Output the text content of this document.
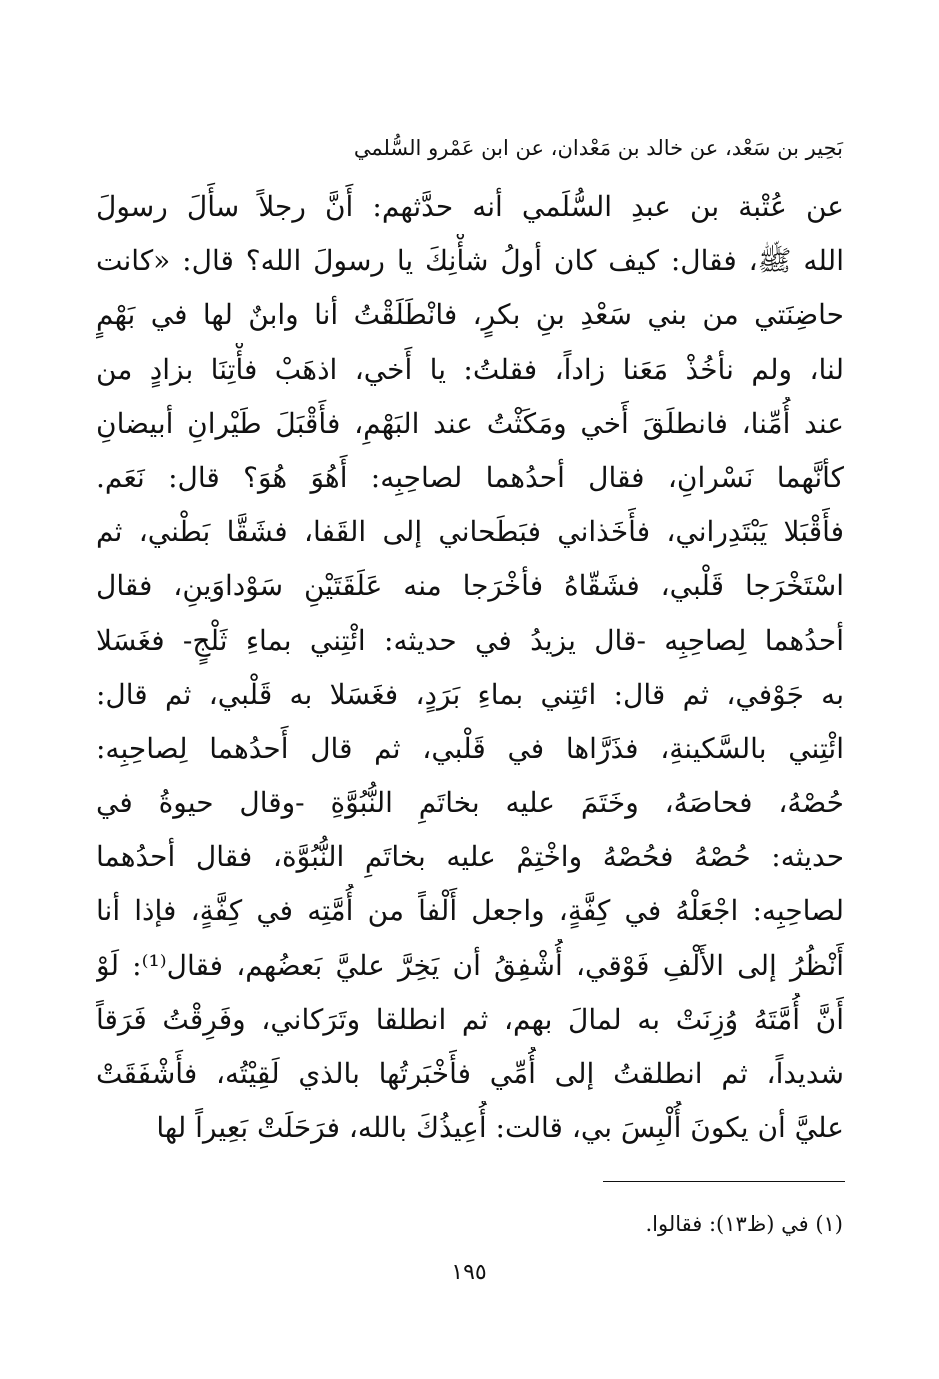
بَحِير بن سَعْد، عن خالد بن مَعْدان، عن ابن عَمْرو السُّلمي
عن عُتْبة بن عبدِ السُّلَمي أنه حدَّثهم: أَنَّ رجلاً سأَلَ رسولَ
الله ﷺ، فقال: كيف كان أولُ شأْنِكَ يا رسولَ الله؟ قال: «كانت
حاضِنَتي من بني سَعْدِ بنِ بكرٍ، فانْطَلَقْتُ أنا وابنٌ لها في بَهْمٍ
لنا، ولم نأخُذْ مَعَنا زاداً، فقلتُ: يا أَخي، اذهَبْ فأْتِنَا بزادٍ من
عند أُمِّنا، فانطلَقَ أَخي ومَكَثْتُ عند البَهْمِ، فأَقْبَلَ طَيْرانِ أبيضانِ
كأنَّهما نَسْرانِ، فقال أحدُهما لصاحِبِه: أَهُوَ هُوَ؟ قال: نَعَم.
فأَقْبَلا يَبْتَدِراني، فأَخَذاني فبَطَحاني إلى القَفا، فشَقَّا بَطْني، ثم
اسْتَخْرَجا قَلْبي، فشَقّاهُ فأخْرَجا منه عَلَقَتَيْنِ سَوْداوَينِ، فقال
أحدُهما لِصاحِبِه -قال يزيدُ في حديثه: ائْتِني بماءِ ثَلْجٍ- فغَسَلا
به جَوْفي، ثم قال: ائتِني بماءِ بَرَدٍ، فغَسَلا به قَلْبي، ثم قال:
ائْتِني بالسَّكينةِ، فذَرَّاها في قَلْبي، ثم قال أَحدُهما لِصاحِبِه:
حُصْهُ، فحاصَهُ، وخَتَمَ عليه بخاتَمِ النُّبُوَّةِ -وقال حيوةُ في
حديثه: حُصْهُ فحُصْهُ واخْتِمْ عليه بخاتَمِ النُّبُوَّة، فقال أحدُهما
لصاحِبِه: اجْعَلْهُ في كِفَّةٍ، واجعل أَلْفاً من أُمَّتِه في كِفَّةٍ، فإذا أنا
أَنْظُرُ إلى الأَلْفِ فَوْقي، أُشْفِقُ أن يَخِرَّ عليَّ بَعضُهم، فقال⁽¹⁾: لَوْ
أَنَّ أُمَّتَهُ وُزِنَتْ به لمالَ بهم، ثم انطلقا وتَرَكاني، وفَرِقْتُ فَرَقاً
شديداً، ثم انطلقتُ إلى أُمِّي فأَخْبَرتُها بالذي لَقِيْتُه، فأَشْفَقَتْ
عليَّ أن يكونَ أُلْبِسَ بي، قالت: أُعِيذُكَ بالله، فرَحَلَتْ بَعِيراً لها
(١) في (ظ١٣): فقالوا.
١٩٥
